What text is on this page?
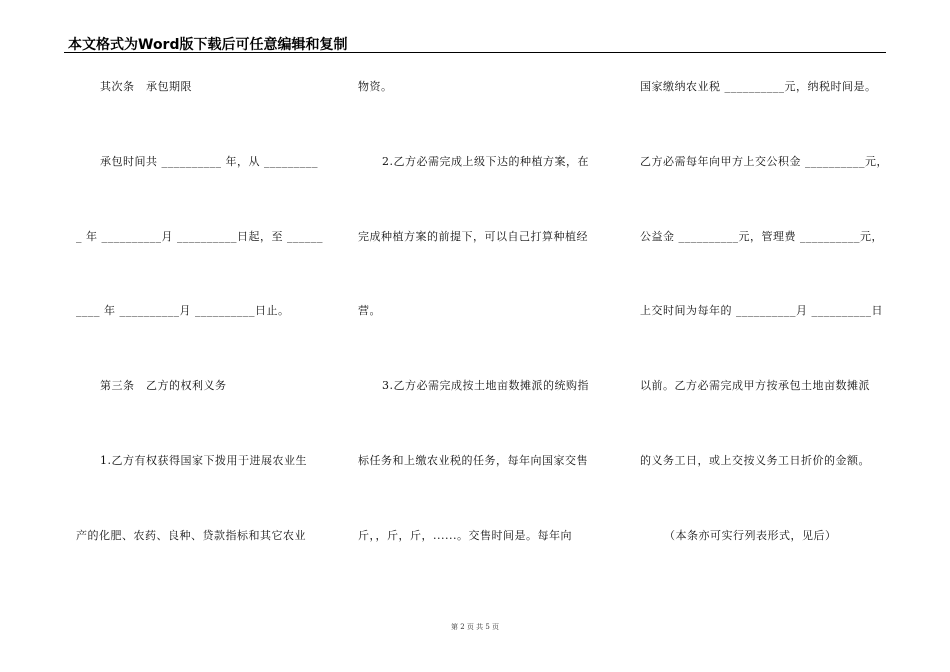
本文格式为Word版下载后可任意编辑和复制
其次条　承包期限
承包时间共 __________ 年，从 _________
_ 年 __________月 __________日起，至 ______
____ 年 __________月 __________日止。
第三条　乙方的权利义务
1.乙方有权获得国家下拨用于进展农业生
产的化肥、农药、良种、贷款指标和其它农业
物资。
2.乙方必需完成上级下达的种植方案，在
完成种植方案的前提下，可以自己打算种植经
营。
3.乙方必需完成按土地亩数摊派的统购指
标任务和上缴农业税的任务，每年向国家交售
斤，，斤，斤，......。交售时间是。每年向
国家缴纳农业税 __________元，纳税时间是。
乙方必需每年向甲方上交公积金 __________元，
公益金 __________元，管理费 __________元，
上交时间为每年的 __________月 __________日
以前。乙方必需完成甲方按承包土地亩数摊派
的义务工日，或上交按义务工日折价的金额。
（本条亦可实行列表形式，见后）
第 2 页 共 5 页
